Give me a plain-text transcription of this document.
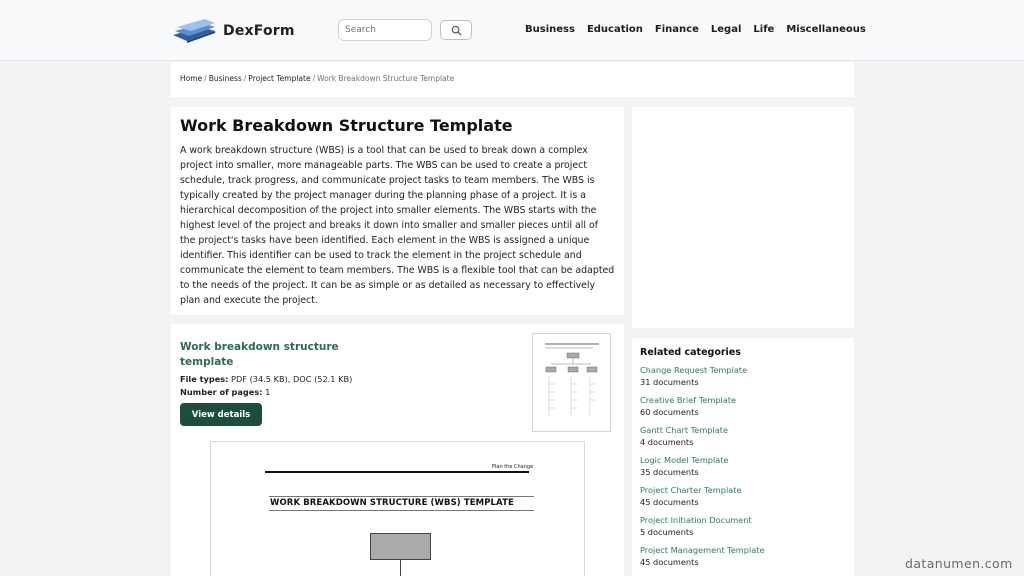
DexForm
Search	Business Education Finance Legal Life Miscellaneous
Home / Business / Project Template / Work Breakdown Structure Template
Work Breakdown Structure Template

A work breakdown structure (WBS) is a tool that can be used to break down a complex project into smaller, more manageable parts. The WBS can be used to create a project schedule, track progress, and communicate project tasks to team members. The WBS is typically created by the project manager during the planning phase of a project. It is a hierarchical decomposition of the project into smaller elements. The WBS starts with the highest level of the project and breaks it down into smaller and smaller pieces until all of the project's tasks have been identified. Each element in the WBS is assigned a unique identifier. This identifier can be used to track the element in the project schedule and communicate the element to team members. The WBS is a flexible tool that can be adapted to the needs of the project. It can be as simple or as detailed as necessary to effectively plan and execute the project.

Work breakdown structure template
File types: PDF (34.5 KB), DOC (52.1 KB)
Number of pages: 1
View details
Plan the Change
WORK BREAKDOWN STRUCTURE (WBS) TEMPLATE
Related categories
Change Request Template
31 documents
Creative Brief Template
60 documents
Gantt Chart Template
4 documents
Logic Model Template
35 documents
Project Charter Template
45 documents
Project Initiation Document
5 documents
Project Management Template
45 documents	datanumen.com
